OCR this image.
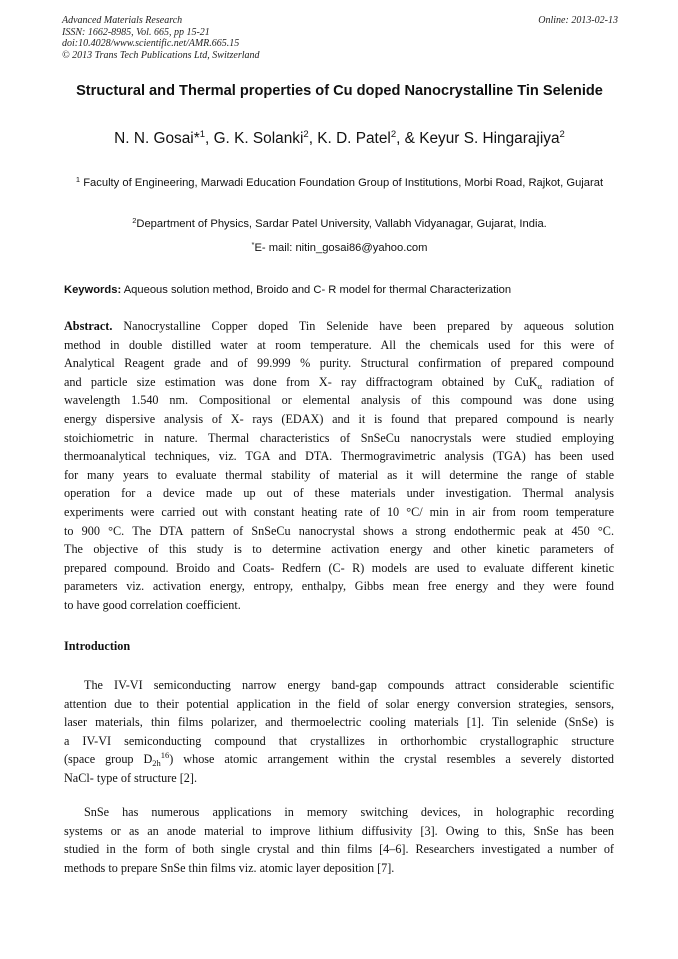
Advanced Materials Research
ISSN: 1662-8985, Vol. 665, pp 15-21
doi:10.4028/www.scientific.net/AMR.665.15
© 2013 Trans Tech Publications Ltd, Switzerland
Online: 2013-02-13
Structural and Thermal properties of Cu doped Nanocrystalline Tin Selenide
N. N. Gosai*$^1$, G. K. Solanki$^2$, K. D. Patel$^2$, & Keyur S. Hingarajiya$^2$
$^1$ Faculty of Engineering, Marwadi Education Foundation Group of Institutions, Morbi Road, Rajkot, Gujarat
$^2$Department of Physics, Sardar Patel University, Vallabh Vidyanagar, Gujarat, India.
*E- mail: nitin_gosai86@yahoo.com
Keywords: Aqueous solution method, Broido and C- R model for thermal Characterization
Abstract. Nanocrystalline Copper doped Tin Selenide have been prepared by aqueous solution
method in double distilled water at room temperature. All the chemicals used for this were of
Analytical Reagent grade and of 99.999 % purity. Structural confirmation of prepared compound
and particle size estimation was done from X- ray diffractogram obtained by CuK$_\alpha$ radiation of
wavelength 1.540 nm. Compositional or elemental analysis of this compound was done using
energy dispersive analysis of X- rays (EDAX) and it is found that prepared compound is nearly
stoichiometric in nature. Thermal characteristics of SnSeCu nanocrystals were studied employing
thermoanalytical techniques, viz. TGA and DTA. Thermogravimetric analysis (TGA) has been used
for many years to evaluate thermal stability of material as it will determine the range of stable
operation for a device made up out of these materials under investigation. Thermal analysis
experiments were carried out with constant heating rate of 10 °C/ min in air from room temperature
to 900 °C. The DTA pattern of SnSeCu nanocrystal shows a strong endothermic peak at 450 °C.
The objective of this study is to determine activation energy and other kinetic parameters of
prepared compound. Broido and Coats- Redfern (C- R) models are used to evaluate different kinetic
parameters viz. activation energy, entropy, enthalpy, Gibbs mean free energy and they were found
to have good correlation coefficient.
Introduction
The IV-VI semiconducting narrow energy band-gap compounds attract considerable scientific
attention due to their potential application in the field of solar energy conversion strategies, sensors,
laser materials, thin films polarizer, and thermoelectric cooling materials [1]. Tin selenide (SnSe) is
a IV-VI semiconducting compound that crystallizes in orthorhombic crystallographic structure
(space group $D_{2h}^{16}$) whose atomic arrangement within the crystal resembles a severely distorted
NaCl- type of structure [2].
SnSe has numerous applications in memory switching devices, in holographic recording
systems or as an anode material to improve lithium diffusivity [3]. Owing to this, SnSe has been
studied in the form of both single crystal and thin films [4–6]. Researchers investigated a number of
methods to prepare SnSe thin films viz. atomic layer deposition [7].
